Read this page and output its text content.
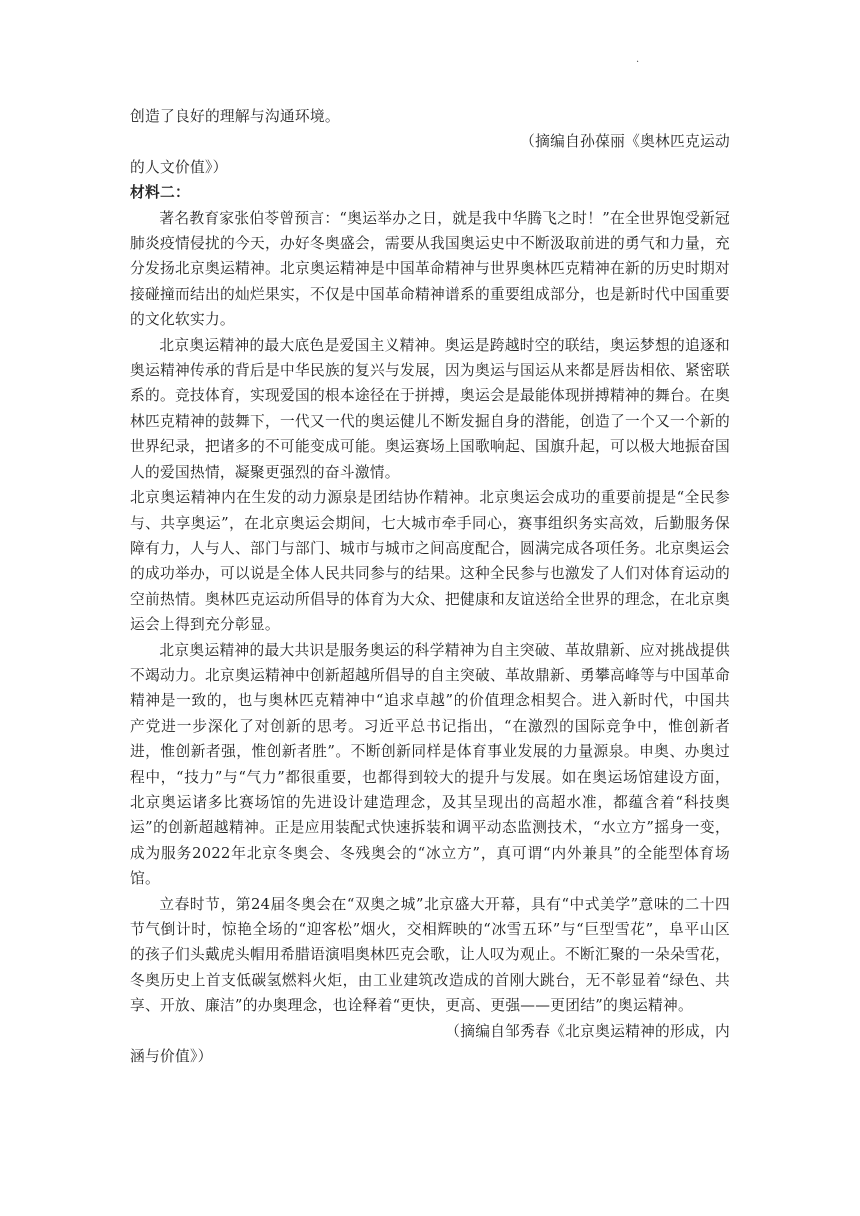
·

创造了良好的理解与沟通环境。

（摘编自孙葆丽《奥林匹克运动
的人文价值》）

材料二：

著名教育家张伯苓曾预言：“奥运举办之日，就是我中华腾飞之时！”在全世界饱受新冠肺炎疫情侵扰的今天，办好冬奥盛会，需要从我国奥运史中不断汲取前进的勇气和力量，充分发扬北京奥运精神。北京奥运精神是中国革命精神与世界奥林匹克精神在新的历史时期对接碰撞而结出的灿烂果实，不仅是中国革命精神谱系的重要组成部分，也是新时代中国重要的文化软实力。

北京奥运精神的最大底色是爱国主义精神。奥运是跨越时空的联结，奥运梦想的追逐和奥运精神传承的背后是中华民族的复兴与发展，因为奥运与国运从来都是唇齿相依、紧密联系的。竞技体育，实现爱国的根本途径在于拼搏，奥运会是最能体现拼搏精神的舞台。在奥林匹克精神的鼓舞下，一代又一代的奥运健儿不断发掘自身的潜能，创造了一个又一个新的世界纪录，把诸多的不可能变成可能。奥运赛场上国歌响起、国旗升起，可以极大地振奋国人的爱国热情，凝聚更强烈的奋斗激情。

北京奥运精神内在生发的动力源泉是团结协作精神。北京奥运会成功的重要前提是“全民参与、共享奥运”，在北京奥运会期间，七大城市牵手同心，赛事组织务实高效，后勤服务保障有力，人与人、部门与部门、城市与城市之间高度配合，圆满完成各项任务。北京奥运会的成功举办，可以说是全体人民共同参与的结果。这种全民参与也激发了人们对体育运动的空前热情。奥林匹克运动所倡导的体育为大众、把健康和友谊送给全世界的理念，在北京奥运会上得到充分彰显。

北京奥运精神的最大共识是服务奥运的科学精神为自主突破、革故鼎新、应对挑战提供不竭动力。北京奥运精神中创新超越所倡导的自主突破、革故鼎新、勇攀高峰等与中国革命精神是一致的，也与奥林匹克精神中“追求卓越”的价值理念相契合。进入新时代，中国共产党进一步深化了对创新的思考。习近平总书记指出，“在激烈的国际竞争中，惟创新者进，惟创新者强，惟创新者胜”。不断创新同样是体育事业发展的力量源泉。申奥、办奥过程中，“技力”与“气力”都很重要，也都得到较大的提升与发展。如在奥运场馆建设方面，北京奥运诸多比赛场馆的先进设计建造理念，及其呈现出的高超水准，都蕴含着“科技奥运”的创新超越精神。正是应用装配式快速拆装和调平动态监测技术，“水立方”摇身一变，成为服务2022年北京冬奥会、冬残奥会的“冰立方”，真可谓“内外兼具”的全能型体育场馆。

立春时节，第24届冬奥会在“双奥之城”北京盛大开幕，具有“中式美学”意味的二十四节气倒计时，惊艳全场的“迎客松”烟火，交相辉映的“冰雪五环”与“巨型雪花”，阜平山区的孩子们头戴虎头帽用希腊语演唱奥林匹克会歌，让人叹为观止。不断汇聚的一朵朵雪花，冬奥历史上首支低碳氢燃料火炬，由工业建筑改造成的首刚大跳台，无不彰显着“绿色、共享、开放、廉洁”的办奥理念，也诠释着“更快，更高、更强——更团结”的奥运精神。

（摘编自邹秀春《北京奥运精神的形成，内
涵与价值》）
